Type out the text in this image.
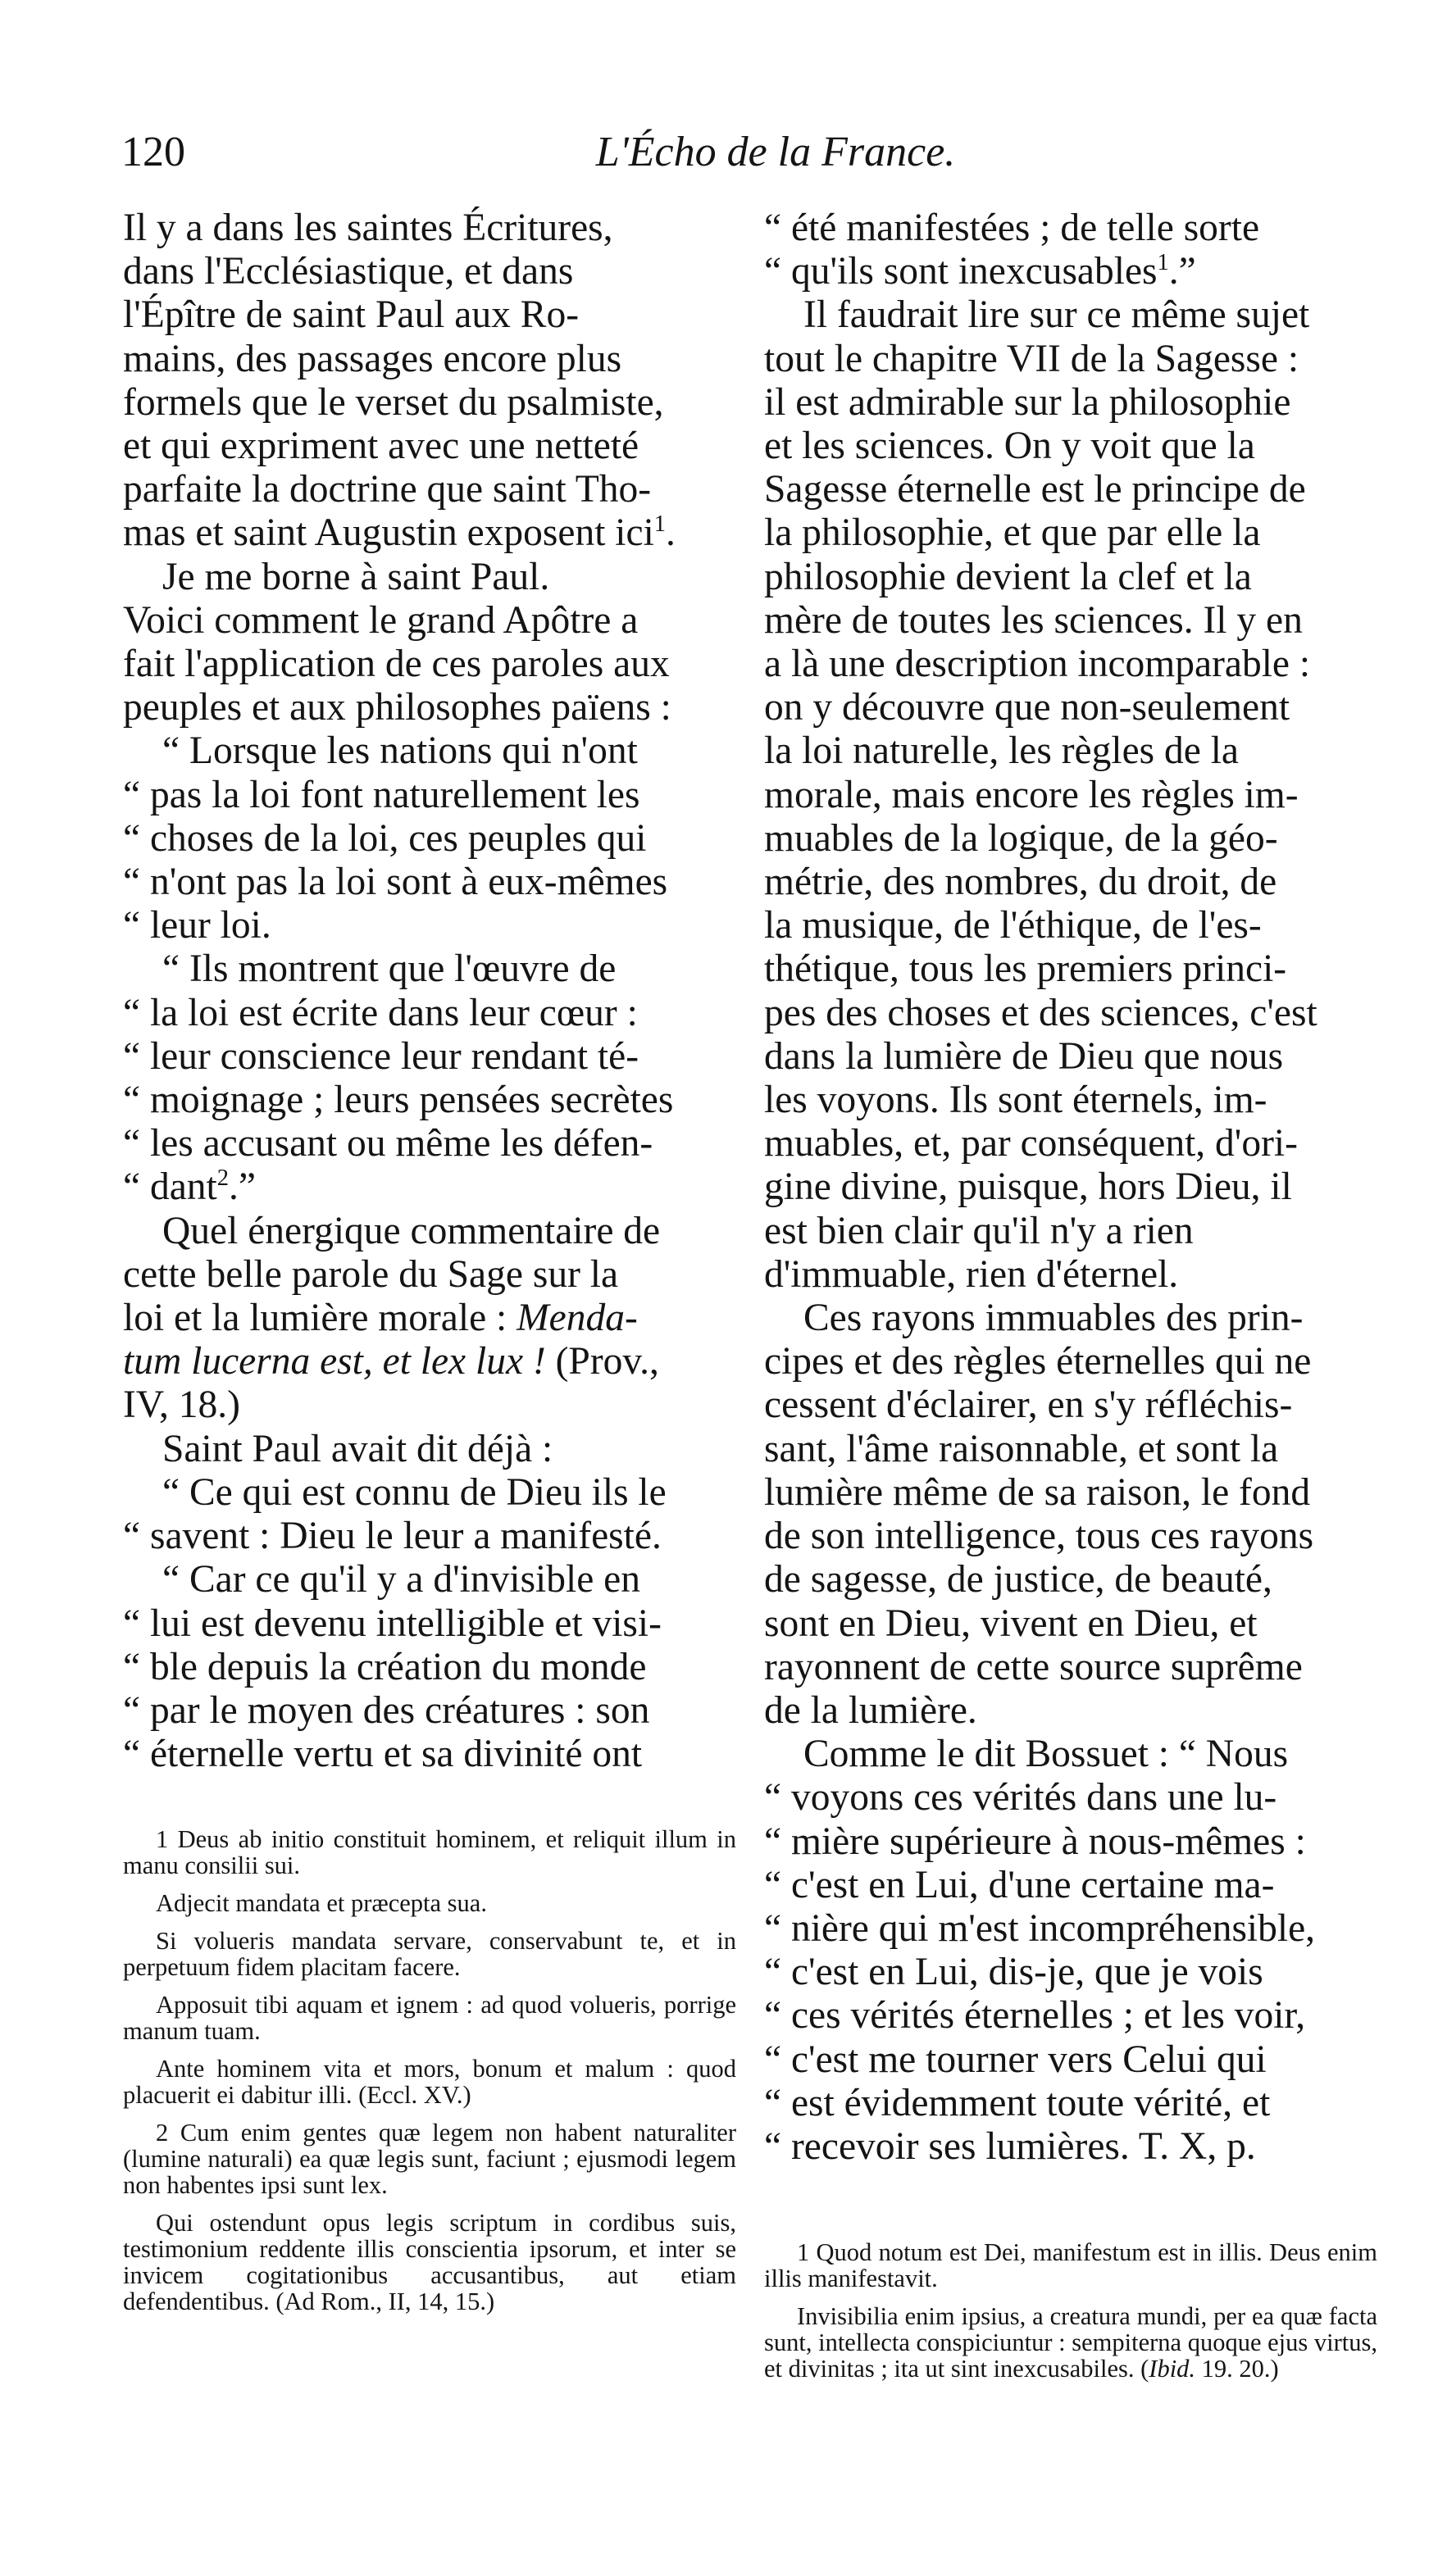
120	L'Écho de la France.

Il y a dans les saintes Écritures,
dans l'Ecclésiastique, et dans
l'Épître de saint Paul aux Ro-
mains, des passages encore plus
formels que le verset du psalmiste,
et qui expriment avec une netteté
parfaite la doctrine que saint Tho-
mas et saint Augustin exposent ici$^1$.

Je me borne à saint Paul.

Voici comment le grand Apôtre a
fait l'application de ces paroles aux
peuples et aux philosophes païens :

“ Lorsque les nations qui n'ont
“ pas la loi font naturellement les
“ choses de la loi, ces peuples qui
“ n'ont pas la loi sont à eux-mêmes
“ leur loi.

“ Ils montrent que l'œuvre de
“ la loi est écrite dans leur cœur :
“ leur conscience leur rendant té-
“ moignage ; leurs pensées secrètes
“ les accusant ou même les défen-
“ dant$^2$.”

Quel énergique commentaire de
cette belle parole du Sage sur la
loi et la lumière morale : Menda-
tum lucerna est, et lex lux ! (Prov.,
IV, 18.)

Saint Paul avait dit déjà :

“ Ce qui est connu de Dieu ils le
“ savent : Dieu le leur a manifesté.

“ Car ce qu'il y a d'invisible en
“ lui est devenu intelligible et visi-
“ ble depuis la création du monde
“ par le moyen des créatures : son
“ éternelle vertu et sa divinité ont

1 Deus ab initio constituit hominem, et reliquit illum in manu consilii sui.

Adjecit mandata et præcepta sua.

Si volueris mandata servare, conservabunt te, et in perpetuum fidem placitam facere.

Apposuit tibi aquam et ignem : ad quod volueris, porrige manum tuam.

Ante hominem vita et mors, bonum et malum : quod placuerit ei dabitur illi. (Eccl. XV.)

2 Cum enim gentes quæ legem non habent naturaliter (lumine naturali) ea quæ legis sunt, faciunt ; ejusmodi legem non habentes ipsi sunt lex.

Qui ostendunt opus legis scriptum in cordibus suis, testimonium reddente illis conscientia ipsorum, et inter se invicem cogitationibus accusantibus, aut etiam defendentibus. (Ad Rom., II, 14, 15.)

“ été manifestées ; de telle sorte
“ qu'ils sont inexcusables$^1$.”

Il faudrait lire sur ce même sujet
tout le chapitre VII de la Sagesse :
il est admirable sur la philosophie
et les sciences. On y voit que la
Sagesse éternelle est le principe de
la philosophie, et que par elle la
philosophie devient la clef et la
mère de toutes les sciences. Il y en
a là une description incomparable :
on y découvre que non-seulement
la loi naturelle, les règles de la
morale, mais encore les règles im-
muables de la logique, de la géo-
métrie, des nombres, du droit, de
la musique, de l'éthique, de l'es-
thétique, tous les premiers princi-
pes des choses et des sciences, c'est
dans la lumière de Dieu que nous
les voyons. Ils sont éternels, im-
muables, et, par conséquent, d'ori-
gine divine, puisque, hors Dieu, il
est bien clair qu'il n'y a rien
d'immuable, rien d'éternel.

Ces rayons immuables des prin-
cipes et des règles éternelles qui ne
cessent d'éclairer, en s'y réfléchis-
sant, l'âme raisonnable, et sont la
lumière même de sa raison, le fond
de son intelligence, tous ces rayons
de sagesse, de justice, de beauté,
sont en Dieu, vivent en Dieu, et
rayonnent de cette source suprême
de la lumière.

Comme le dit Bossuet : “ Nous
“ voyons ces vérités dans une lu-
“ mière supérieure à nous-mêmes :
“ c'est en Lui, d'une certaine ma-
“ nière qui m'est incompréhensible,
“ c'est en Lui, dis-je, que je vois
“ ces vérités éternelles ; et les voir,
“ c'est me tourner vers Celui qui
“ est évidemment toute vérité, et
“ recevoir ses lumières. T. X, p.

1 Quod notum est Dei, manifestum est in illis. Deus enim illis manifestavit.

Invisibilia enim ipsius, a creatura mundi, per ea quæ facta sunt, intellecta conspiciuntur : sempiterna quoque ejus virtus, et divinitas ; ita ut sint inexcusabiles. (Ibid. 19. 20.)
